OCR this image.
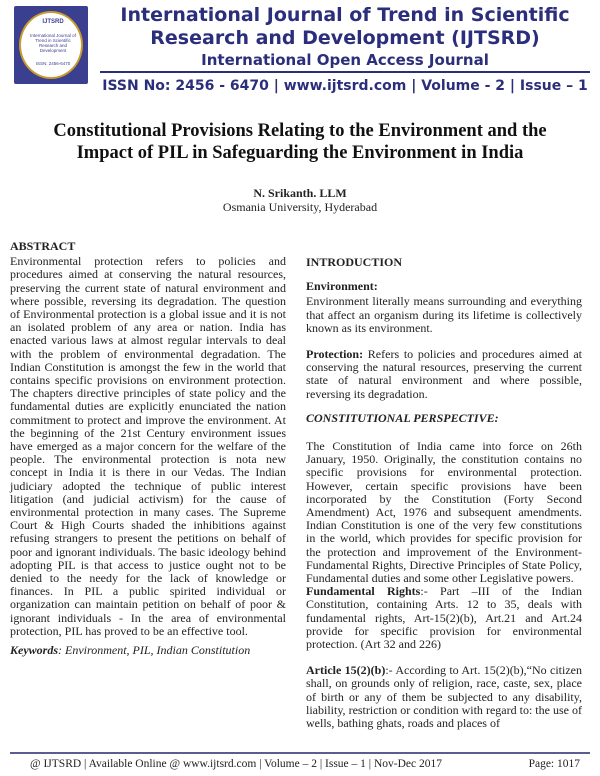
IJTSRD
International Journal of
Trend in Scientific
Research and
Development
ISSN: 2456-6470
International Journal of Trend in Scientific
Research and Development (IJTSRD)
International Open Access Journal
ISSN No: 2456 - 6470 | www.ijtsrd.com | Volume - 2 | Issue – 1
Constitutional Provisions Relating to the Environment and the Impact of PIL in Safeguarding the Environment in India
N. Srikanth. LLM
Osmania University, Hyderabad
ABSTRACT

Environmental protection refers to policies and procedures aimed at conserving the natural resources, preserving the current state of natural environment and where possible, reversing its degradation. The question of Environmental protection is a global issue and it is not an isolated problem of any area or nation. India has enacted various laws at almost regular intervals to deal with the problem of environmental degradation. The Indian Constitution is amongst the few in the world that contains specific provisions on environment protection. The chapters directive principles of state policy and the fundamental duties are explicitly enunciated the nation commitment to protect and improve the environment. At the beginning of the 21st Century environment issues have emerged as a major concern for the welfare of the people. The environmental protection is nota new concept in India it is there in our Vedas. The Indian judiciary adopted the technique of public interest litigation (and judicial activism) for the cause of environmental protection in many cases. The Supreme Court & High Courts shaded the inhibitions against refusing strangers to present the petitions on behalf of poor and ignorant individuals. The basic ideology behind adopting PIL is that access to justice ought not to be denied to the needy for the lack of knowledge or finances. In PIL a public spirited individual or organization can maintain petition on behalf of poor & ignorant individuals - In the area of environmental protection, PIL has proved to be an effective tool.

Keywords: Environment, PIL, Indian Constitution

INTRODUCTION
Environment:

Environment literally means surrounding and everything that affect an organism during its lifetime is collectively known as its environment.

Protection: Refers to policies and procedures aimed at conserving the natural resources, preserving the current state of natural environment and where possible, reversing its degradation.

CONSTITUTIONAL PERSPECTIVE:

The Constitution of India came into force on 26th January, 1950. Originally, the constitution contains no specific provisions for environmental protection. However, certain specific provisions have been incorporated by the Constitution (Forty Second Amendment) Act, 1976 and subsequent amendments. Indian Constitution is one of the very few constitutions in the world, which provides for specific provision for the protection and improvement of the Environment-Fundamental Rights, Directive Principles of State Policy, Fundamental duties and some other Legislative powers.

Fundamental Rights:- Part –III of the Indian Constitution, containing Arts. 12 to 35, deals with fundamental rights, Art-15(2)(b), Art.21 and Art.24 provide for specific provision for environmental protection. (Art 32 and 226)

Article 15(2)(b):- According to Art. 15(2)(b),“No citizen shall, on grounds only of religion, race, caste, sex, place of birth or any of them be subjected to any disability, liability, restriction or condition with regard to: the use of wells, bathing ghats, roads and places of

@ IJTSRD | Available Online @ www.ijtsrd.com | Volume – 2 | Issue – 1 | Nov-Dec 2017	Page: 1017
